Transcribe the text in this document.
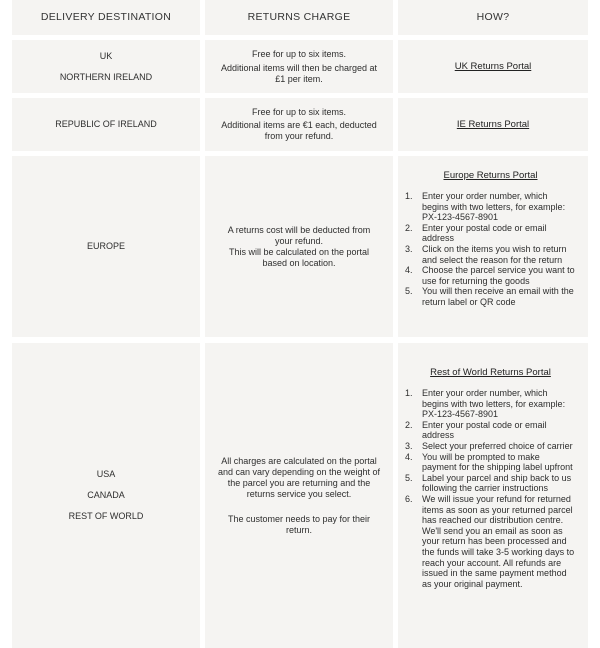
DELIVERY DESTINATION	RETURNS CHARGE	HOW?
UK
NORTHERN IRELAND
Free for up to six items.
Additional items will then be charged at £1 per item.
UK Returns Portal
REPUBLIC OF IRELAND
Free for up to six items.
Additional items are €1 each, deducted from your refund.
IE Returns Portal
EUROPE
A returns cost will be deducted from your refund.
This will be calculated on the portal based on location.
Europe Returns Portal
1. Enter your order number, which begins with two letters, for example: PX-123-4567-8901
2. Enter your postal code or email address
3. Click on the items you wish to return and select the reason for the return
4. Choose the parcel service you want to use for returning the goods
5. You will then receive an email with the return label or QR code
USA
CANADA
REST OF WORLD
All charges are calculated on the portal and can vary depending on the weight of the parcel you are returning and the returns service you select.
The customer needs to pay for their return.
Rest of World Returns Portal
1. Enter your order number, which begins with two letters, for example: PX-123-4567-8901
2. Enter your postal code or email address
3. Select your preferred choice of carrier
4. You will be prompted to make payment for the shipping label upfront
5. Label your parcel and ship back to us following the carrier instructions
6. We will issue your refund for returned items as soon as your returned parcel has reached our distribution centre. We'll send you an email as soon as your return has been processed and the funds will take 3-5 working days to reach your account. All refunds are issued in the same payment method as your original payment.
